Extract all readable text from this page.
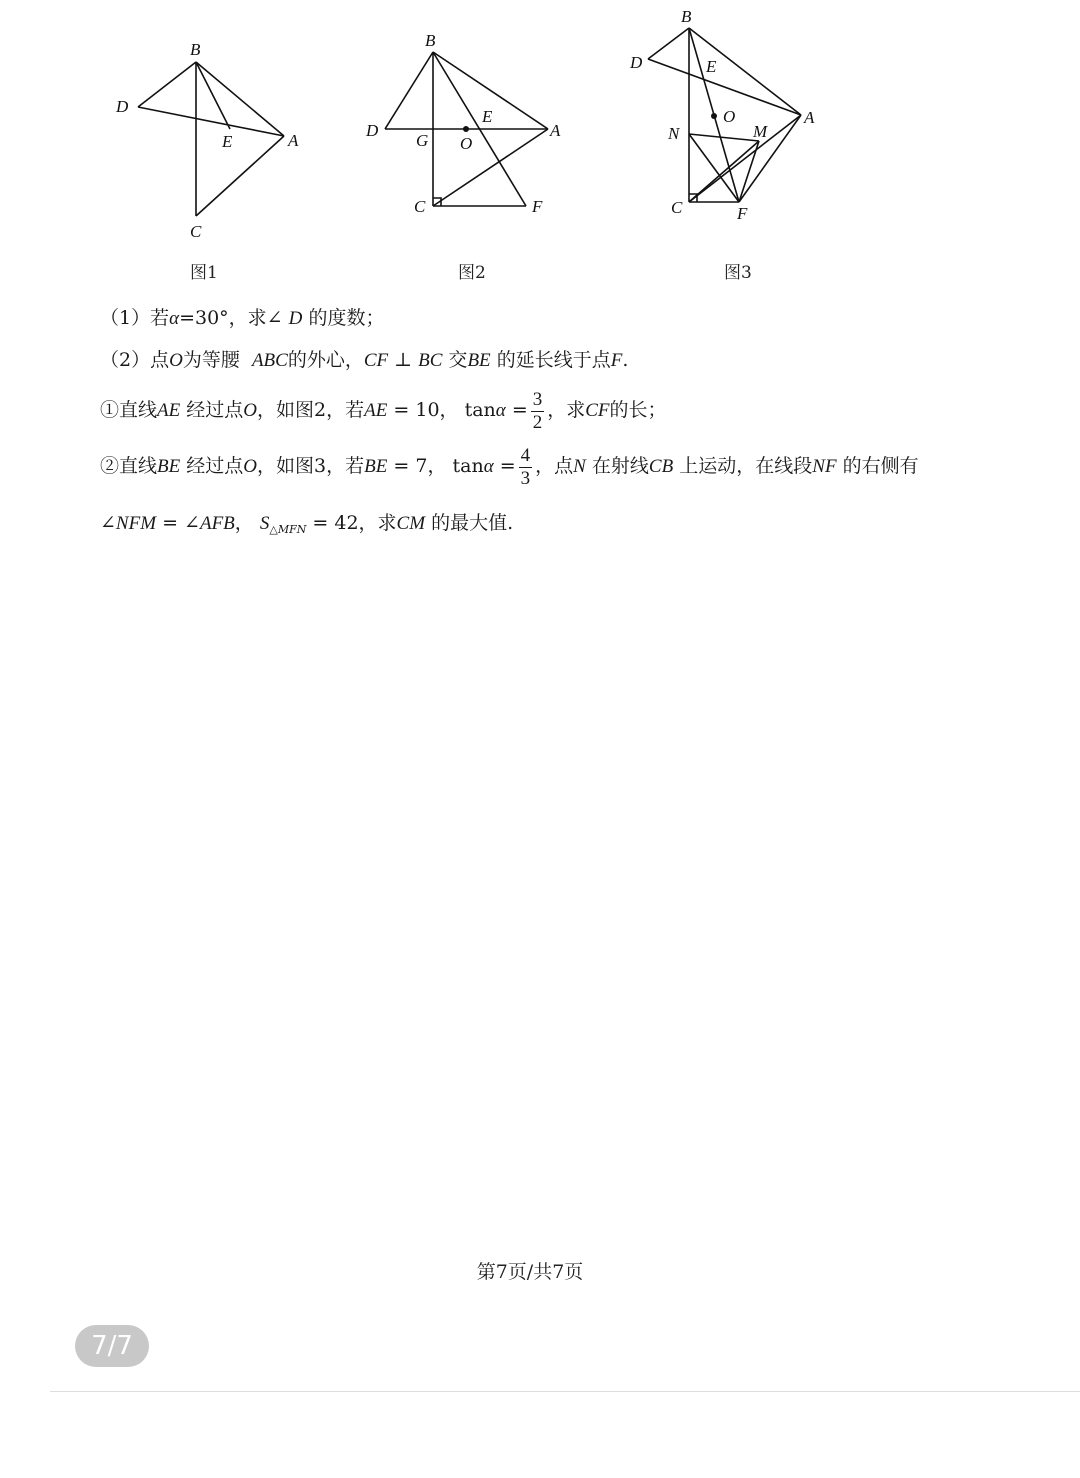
B
D
E	A
C
图1
B
D
G O
E
A
C	F
图2
B
D	E
O
N	M
A
C	F
图3
（1）若α=30°，求∠ D 的度数；
（2）点O为等腰 ABC的外心，CF ⊥ BC 交BE 的延长线于点F.
①直线AE 经过点O，如图2，若AE = 10， $\tan\alpha = \frac{3}{2}$ ，求CF的长；
②直线BE 经过点O，如图3，若BE = 7， $\tan\alpha = \frac{4}{3}$ ，点N 在射线CB 上运动，在线段NF 的右侧有
∠NFM = ∠AFB， $S_{\triangle MFN} = 42$，求CM 的最大值.
第7页/共7页
7/7
